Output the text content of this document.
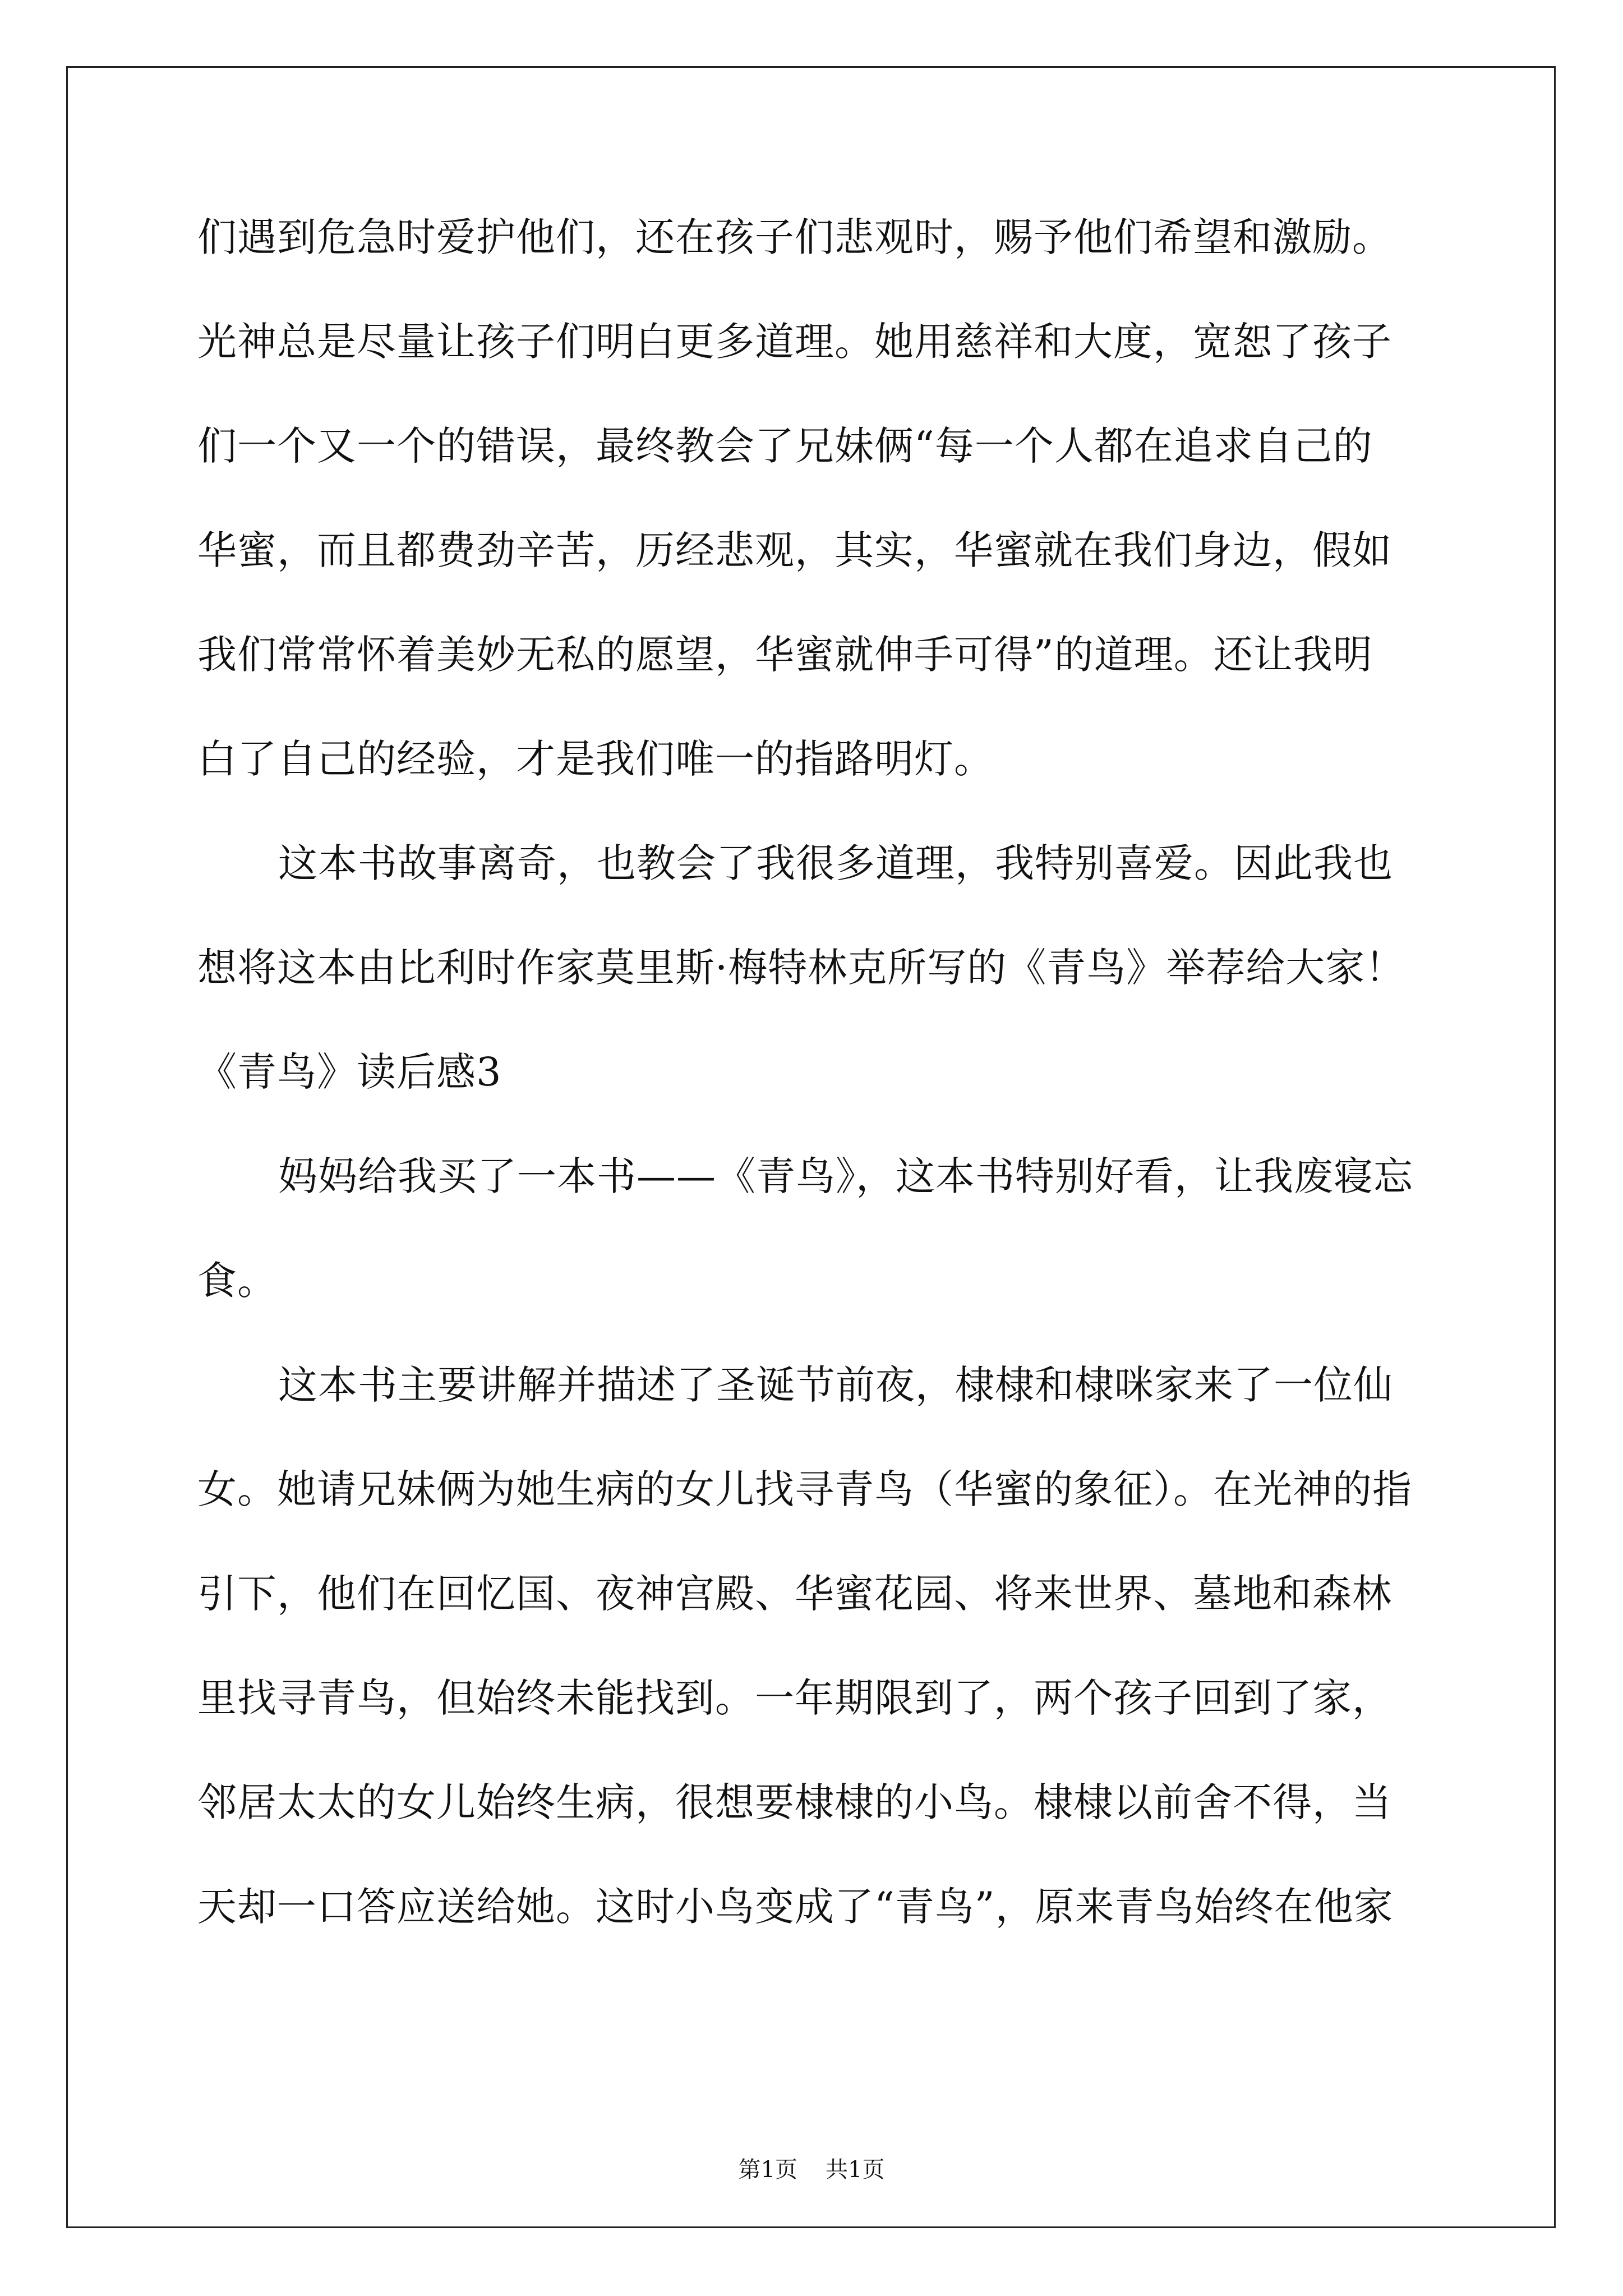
们遇到危急时爱护他们，还在孩子们悲观时，赐予他们希望和激励。
光神总是尽量让孩子们明白更多道理。她用慈祥和大度，宽恕了孩子
们一个又一个的错误，最终教会了兄妹俩“每一个人都在追求自己的
华蜜，而且都费劲辛苦，历经悲观，其实，华蜜就在我们身边，假如
我们常常怀着美妙无私的愿望，华蜜就伸手可得”的道理。还让我明
白了自己的经验，才是我们唯一的指路明灯。
这本书故事离奇，也教会了我很多道理，我特别喜爱。因此我也
想将这本由比利时作家莫里斯·梅特林克所写的《青鸟》举荐给大家！
《青鸟》读后感3
妈妈给我买了一本书——《青鸟》，这本书特别好看，让我废寝忘
食。
这本书主要讲解并描述了圣诞节前夜，棣棣和棣咪家来了一位仙
女。她请兄妹俩为她生病的女儿找寻青鸟（华蜜的象征）。在光神的指
引下，他们在回忆国、夜神宫殿、华蜜花园、将来世界、墓地和森林
里找寻青鸟，但始终未能找到。一年期限到了，两个孩子回到了家，
邻居太太的女儿始终生病，很想要棣棣的小鸟。棣棣以前舍不得，当
天却一口答应送给她。这时小鸟变成了“青鸟”，原来青鸟始终在他家
第1页 共1页
